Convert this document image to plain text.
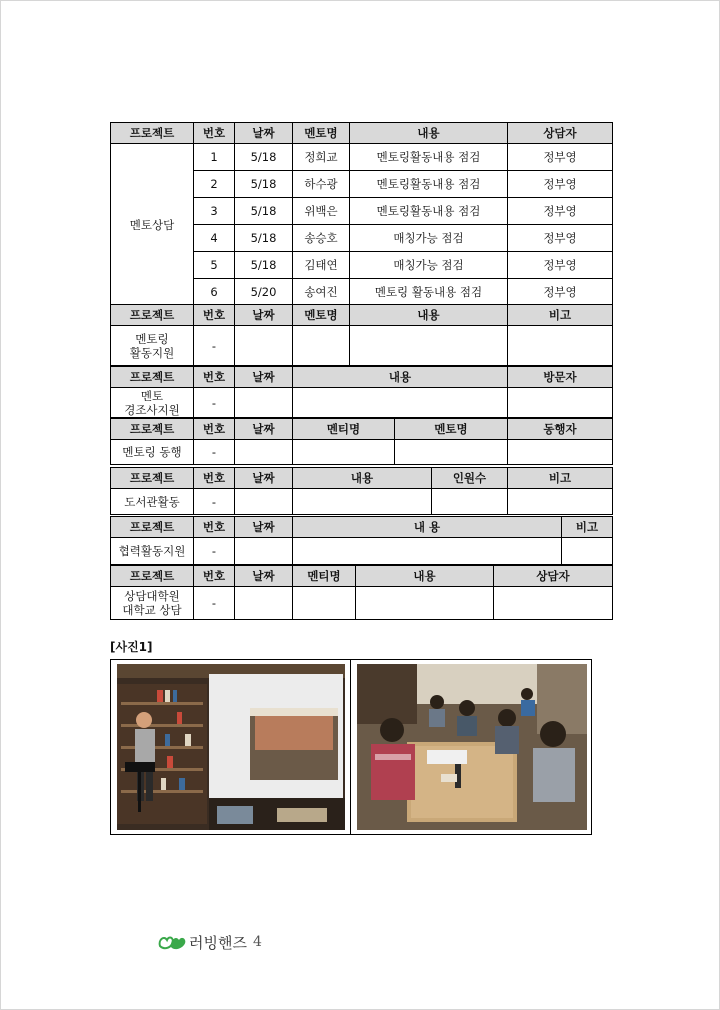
프로젝트	번호	날짜	멘토명	내용	상담자
멘토상담	1	5/18	정희교	멘토링활동내용 점검	정부영
	2	5/18	하수광	멘토링활동내용 점검	정부영
	3	5/18	위백은	멘토링활동내용 점검	정부영
	4	5/18	송승호	매칭가능 점검	정부영
	5	5/18	김태연	매칭가능 점검	정부영
	6	5/20	송여진	멘토링 활동내용 점검	정부영
프로젝트	번호	날짜	멘토명	내용	비고
멘토링
활동지원	-				
프로젝트	번호	날짜	내용	방문자
멘토
경조사지원	-			
프로젝트	번호	날짜	멘티명	멘토명	동행자
멘토링 동행	-				
프로젝트	번호	날짜	내용	인원수	비고
도서관활동	-				
프로젝트	번호	날짜	내 용	비고
협력활동지원	-			
프로젝트	번호	날짜	멘티명	내용	상담자
상담대학원
대학교 상담	-				
[사진1]
러빙핸즈 4
